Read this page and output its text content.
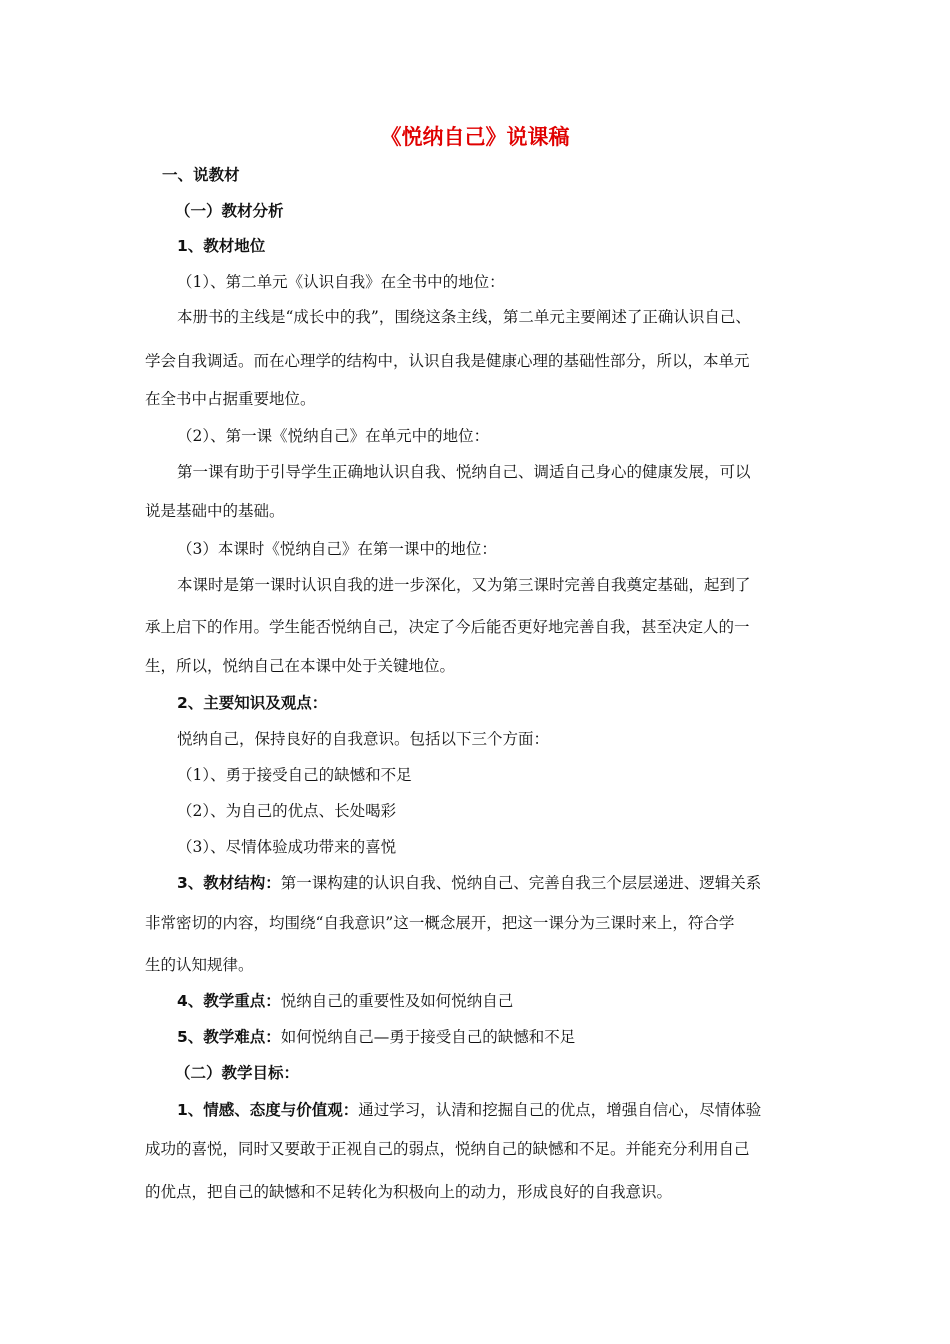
《悦纳自己》说课稿
一、说教材
（一）教材分析
1、教材地位
（1）、第二单元《认识自我》在全书中的地位：
本册书的主线是“成长中的我”，围绕这条主线，第二单元主要阐述了正确认识自己、
学会自我调适。而在心理学的结构中，认识自我是健康心理的基础性部分，所以，本单元
在全书中占据重要地位。
（2）、第一课《悦纳自己》在单元中的地位：
第一课有助于引导学生正确地认识自我、悦纳自己、调适自己身心的健康发展，可以
说是基础中的基础。
（3）本课时《悦纳自己》在第一课中的地位：
本课时是第一课时认识自我的进一步深化，又为第三课时完善自我奠定基础，起到了
承上启下的作用。学生能否悦纳自己，决定了今后能否更好地完善自我，甚至决定人的一
生，所以，悦纳自己在本课中处于关键地位。
2、主要知识及观点：
悦纳自己，保持良好的自我意识。包括以下三个方面：
（1）、勇于接受自己的缺憾和不足
（2）、为自己的优点、长处喝彩
（3）、尽情体验成功带来的喜悦
3、教材结构：第一课构建的认识自我、悦纳自己、完善自我三个层层递进、逻辑关系
非常密切的内容，均围绕“自我意识”这一概念展开，把这一课分为三课时来上，符合学
生的认知规律。
4、教学重点：悦纳自己的重要性及如何悦纳自己
5、教学难点：如何悦纳自己—勇于接受自己的缺憾和不足
（二）教学目标：
1、情感、态度与价值观：通过学习，认清和挖掘自己的优点，增强自信心，尽情体验
成功的喜悦，同时又要敢于正视自己的弱点，悦纳自己的缺憾和不足。并能充分利用自己
的优点，把自己的缺憾和不足转化为积极向上的动力，形成良好的自我意识。
